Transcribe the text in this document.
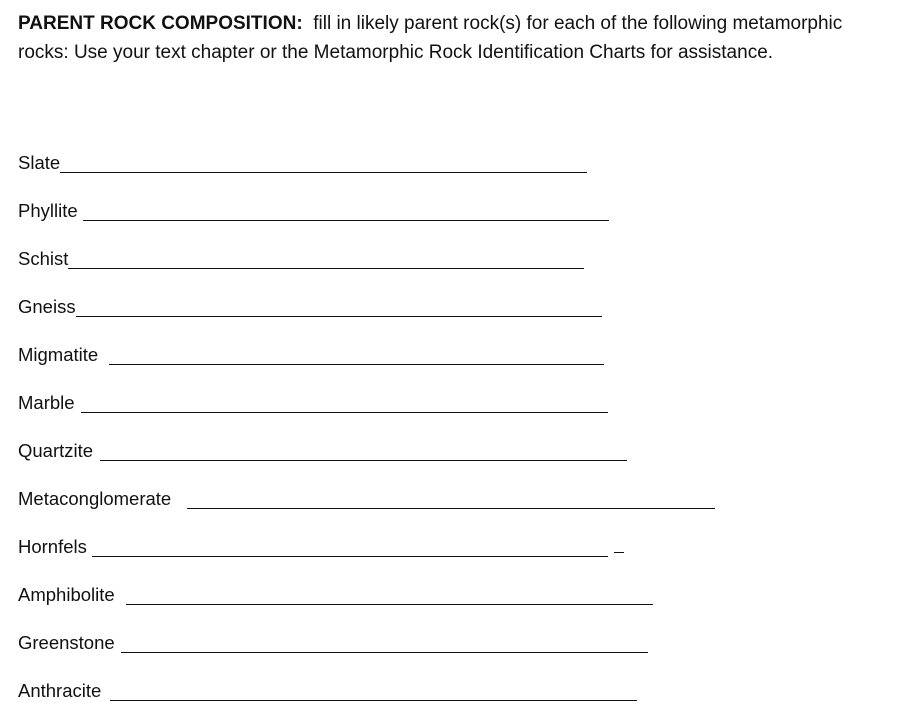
PARENT ROCK COMPOSITION: fill in likely parent rock(s) for each of the following metamorphic rocks: Use your text chapter or the Metamorphic Rock Identification Charts for assistance.

Slate
Phyllite
Schist
Gneiss
Migmatite
Marble
Quartzite
Metaconglomerate
Hornfels
Amphibolite
Greenstone
Anthracite
